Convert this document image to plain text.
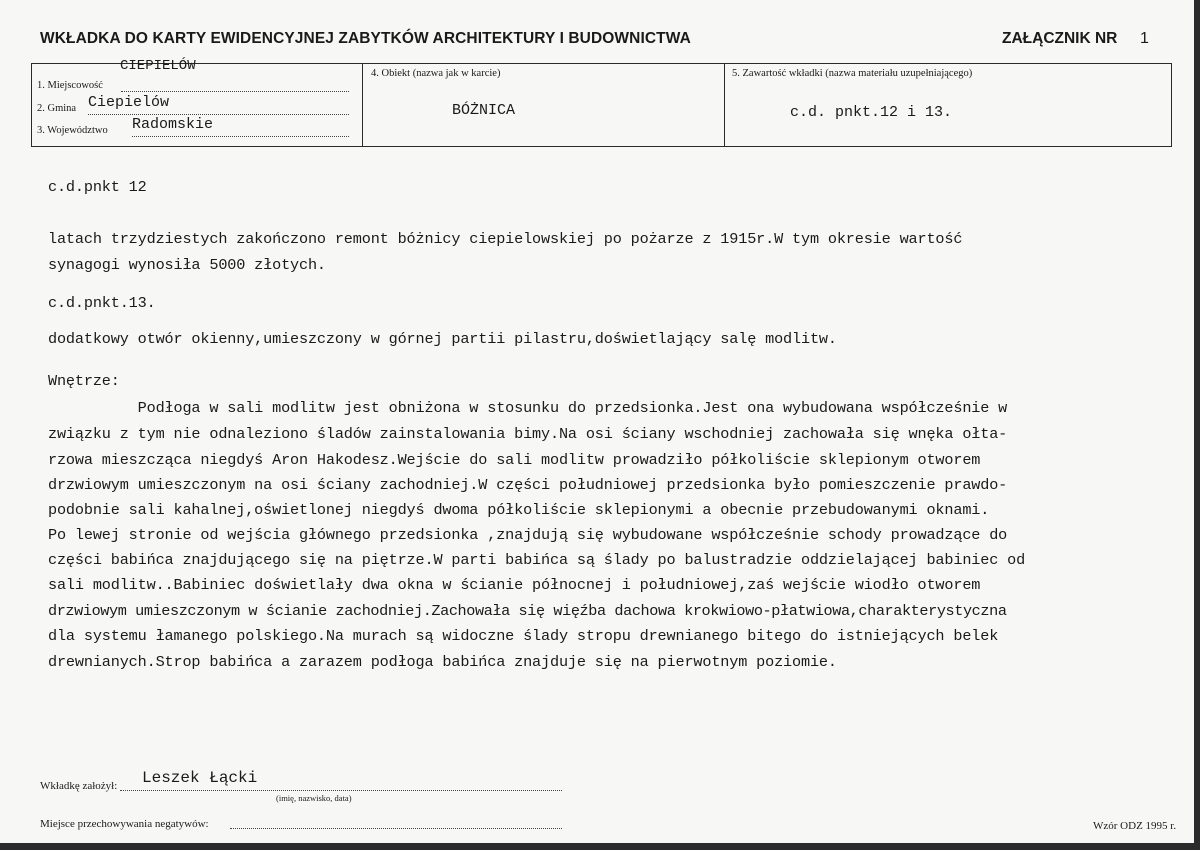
WKŁADKA DO KARTY EWIDENCYJNEJ ZABYTKÓW ARCHITEKTURY I BUDOWNICTWA	ZAŁĄCZNIK NR 1
CIEPIELÓW
1. Miejscowość
2. Gmina Ciepielów
3. Województwo Radomskie
4. Obiekt (nazwa jak w karcie)
BÓŻNICA
5. Zawartość wkładki (nazwa materiału uzupełniającego)
c.d. pnkt.12 i 13.
c.d.pnkt 12
latach trzydziestych zakończono remont bóżnicy ciepielowskiej po pożarze z 1915r.W tym okresie wartość
synagogi wynosiła 5000 złotych.
c.d.pnkt.13.
dodatkowy otwór okienny,umieszczony w górnej partii pilastru,doświetlający salę modlitw.
Wnętrze:
Podłoga w sali modlitw jest obniżona w stosunku do przedsionka.Jest ona wybudowana współcześnie w
związku z tym nie odnaleziono śladów zainstalowania bimy.Na osi ściany wschodniej zachowała się wnęka ołta-
rzowa mieszcząca niegdyś Aron Hakodesz.Wejście do sali modlitw prowadziło półkoliście sklepionym otworem
drzwiowym umieszczonym na osi ściany zachodniej.W części południowej przedsionka było pomieszczenie prawdo-
podobnie sali kahalnej,oświetlonej niegdyś dwoma półkoliście sklepionymi a obecnie przebudowanymi oknami.
Po lewej stronie od wejścia głównego przedsionka ,znajdują się wybudowane współcześnie schody prowadzące do
części babińca znajdującego się na piętrze.W parti babińca są ślady po balustradzie oddzielającej babiniec od
sali modlitw..Babiniec doświetlały dwa okna w ścianie północnej i południowej,zaś wejście wiodło otworem
drzwiowym umieszczonym w ścianie zachodniej.Zachowała się więźba dachowa krokwiowo-płatwiowa,charakterystyczna
dla systemu łamanego polskiego.Na murach są widoczne ślady stropu drewnianego bitego do istniejących belek
drewnianych.Strop babińca a zarazem podłoga babińca znajduje się na pierwotnym poziomie.
Wkładkę założył: Leszek Łącki
(imię, nazwisko, data)
Miejsce przechowywania negatywów:	Wzór ODZ 1995 r.
